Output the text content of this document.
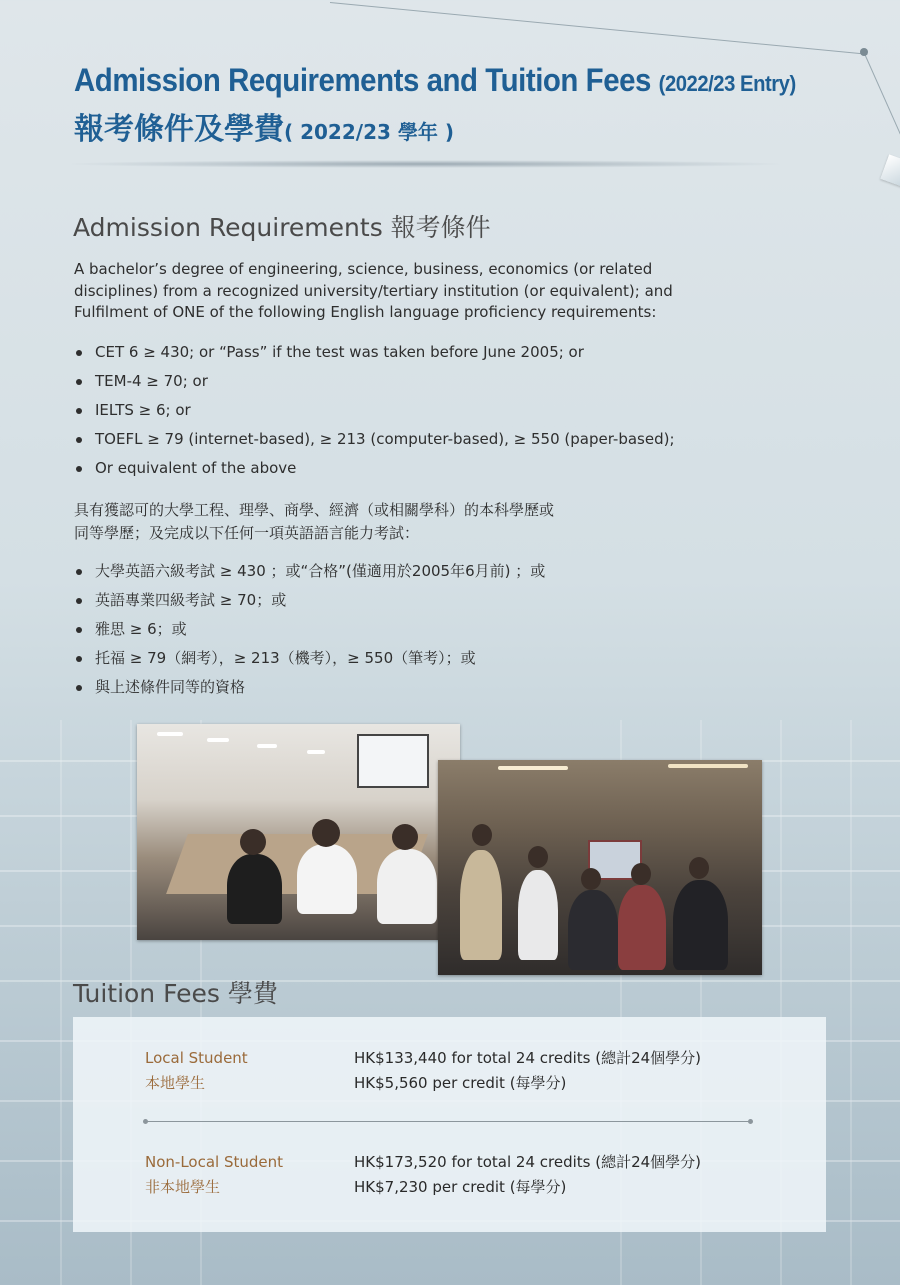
Admission Requirements and Tuition Fees (2022/23 Entry)
報考條件及學費( 2022/23 學年 )
Admission Requirements 報考條件

A bachelor’s degree of engineering, science, business, economics (or related disciplines) from a recognized university/tertiary institution (or equivalent); and Fulfilment of ONE of the following English language proficiency requirements:

CET 6 ≥ 430; or “Pass” if the test was taken before June 2005; or
TEM-4 ≥ 70; or
IELTS ≥ 6; or
TOEFL ≥ 79 (internet-based), ≥ 213 (computer-based), ≥ 550 (paper-based);
Or equivalent of the above

具有獲認可的大學工程、理學、商學、經濟（或相關學科）的本科學歷或
同等學歷；及完成以下任何一項英語語言能力考試：

大學英語六級考試 ≥ 430 ；或“合格”(僅適用於2005年6月前) ；或
英語專業四級考試 ≥ 70；或
雅思 ≥ 6；或
托福 ≥ 79（網考），≥ 213（機考），≥ 550（筆考）；或
與上述條件同等的資格
Tuition Fees 學費
Local Student
本地學生
HK$133,440 for total 24 credits (總計24個學分)
HK$5,560 per credit (每學分)
Non-Local Student
非本地學生
HK$173,520 for total 24 credits (總計24個學分)
HK$7,230 per credit (每學分)
